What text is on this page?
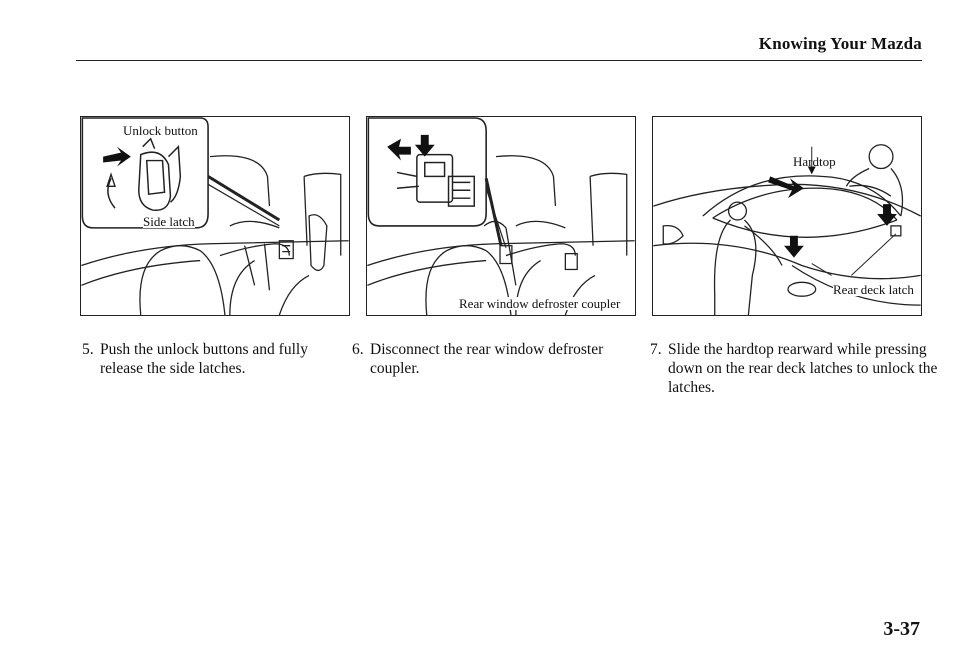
Knowing Your Mazda
Unlock button
Side latch
Rear window defroster coupler
Hardtop
Rear deck latch
5. Push the unlock buttons and fully release the side latches.
6. Disconnect the rear window defroster coupler.
7. Slide the hardtop rearward while pressing down on the rear deck latches to unlock the latches.
3-37
